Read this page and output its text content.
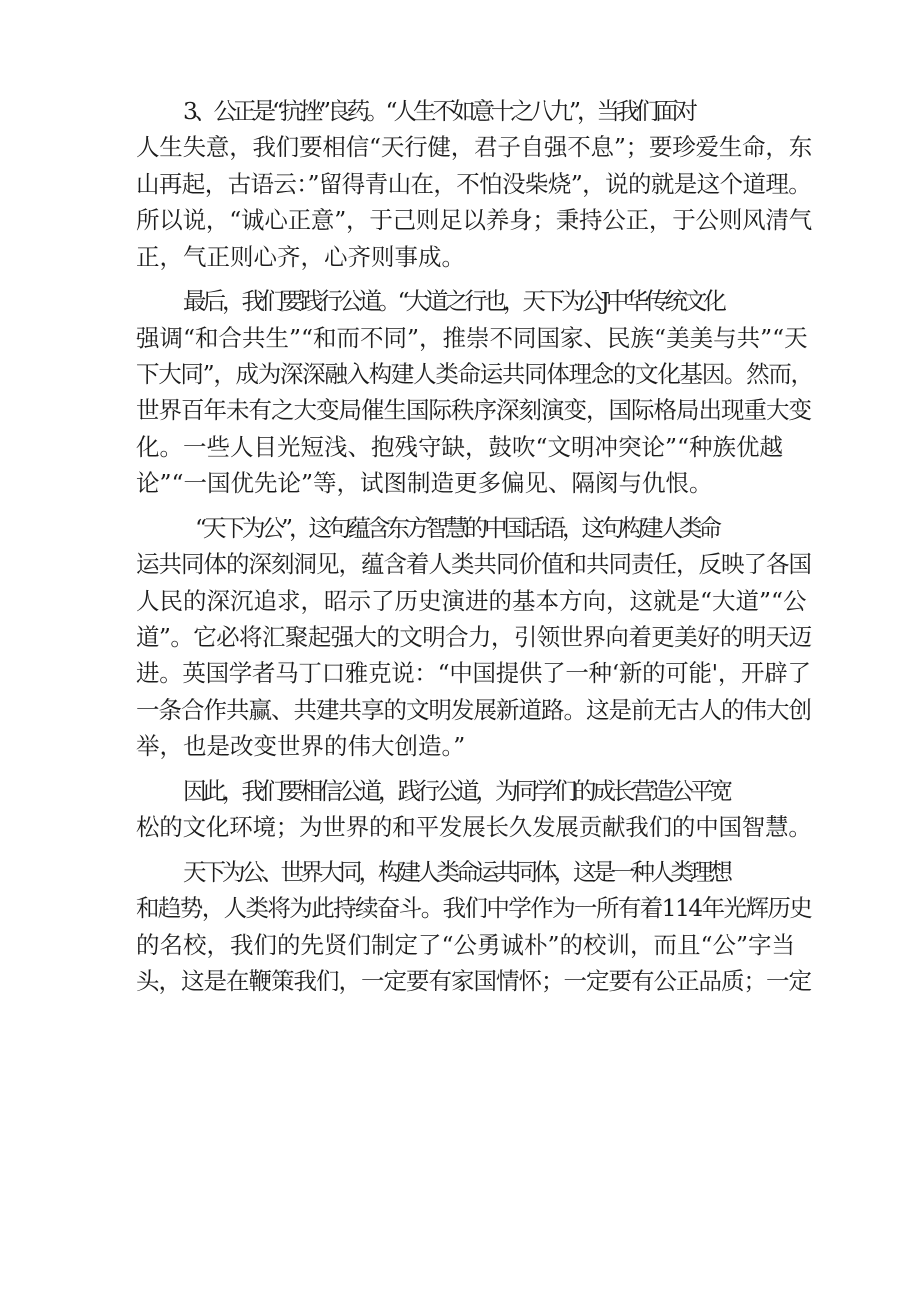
3、公正是“抗挫”良药。“人生不如意十之八九”，当我们面对
人生失意，我们要相信“天行健，君子自强不息”；要珍爱生命，东
山再起，古语云：”留得青山在，不怕没柴烧”，说的就是这个道理。
所以说，“诚心正意”，于己则足以养身；秉持公正，于公则风清气
正，气正则心齐，心齐则事成。

最后，我们要践行公道。“大道之行也，天下为公J中华传统文化
强调“和合共生”“和而不同”，推崇不同国家、民族“美美与共”“天
下大同”，成为深深融入构建人类命运共同体理念的文化基因。然而，
世界百年未有之大变局催生国际秩序深刻演变，国际格局出现重大变
化。一些人目光短浅、抱残守缺，鼓吹“文明冲突论”“种族优越
论”“一国优先论”等，试图制造更多偏见、隔阂与仇恨。

“天下为公”，这句蕴含东方智慧的中国话语，这句构建人类命
运共同体的深刻洞见，蕴含着人类共同价值和共同责任，反映了各国
人民的深沉追求，昭示了历史演进的基本方向，这就是“大道”“公
道”。它必将汇聚起强大的文明合力，引领世界向着更美好的明天迈
进。英国学者马丁口雅克说：“中国提供了一种‘新的可能'，开辟了
一条合作共赢、共建共享的文明发展新道路。这是前无古人的伟大创
举，也是改变世界的伟大创造。”

因此，我们要相信公道，践行公道，为同学们的成长营造公平宽
松的文化环境；为世界的和平发展长久发展贡献我们的中国智慧。

天下为公、世界大同，构建人类命运共同体，这是一种人类理想
和趋势，人类将为此持续奋斗。我们中学作为一所有着114年光辉历史
的名校，我们的先贤们制定了“公勇诚朴”的校训，而且“公”字当
头，这是在鞭策我们，一定要有家国情怀；一定要有公正品质；一定
